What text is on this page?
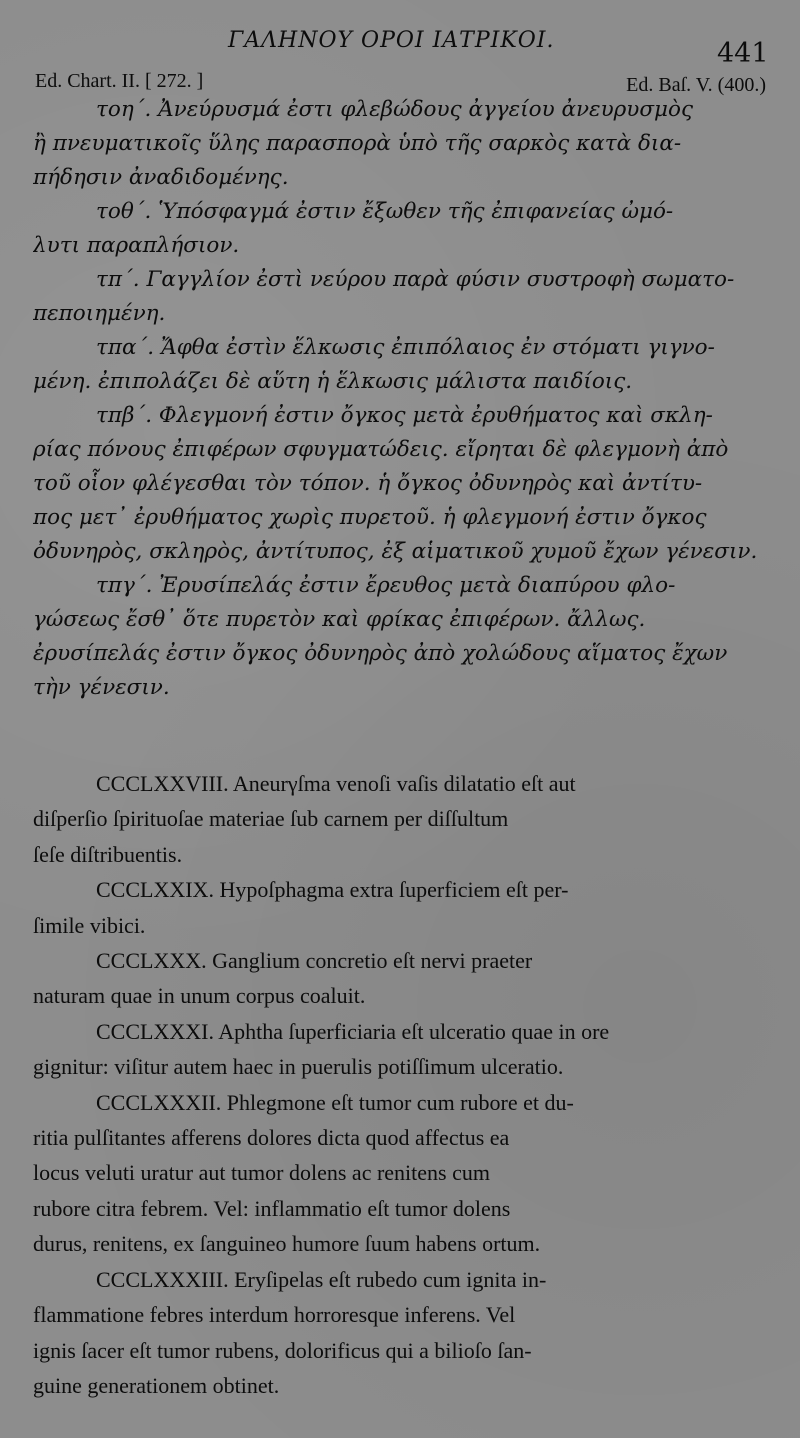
ΓΑΛΗΝΟΥ ΟΡΟΙ ΙΑΤΡΙΚΟΙ.	441
Ed. Chart. II. [ 272. ]	Ed. Baſ. V. (400.)
τοη΄. Ἀνεύρυσμά ἐστι φλεβώδους ἀγγείου ἀνευρυσμὸς
ἢ πνευματικοῖς ὕλης παρασπορὰ ὑπὸ τῆς σαρκὸς κατὰ δια-
πήδησιν ἀναδιδομένης.
τοθ΄. Ὑπόσφαγμά ἐστιν ἔξωθεν τῆς ἐπιφανείας ὠμό-
λυτι παραπλήσιον.
τπ΄. Γαγγλίον ἐστὶ νεύρου παρὰ φύσιν συστροφὴ σωματο-
πεποιημένη.
τπα΄. Ἄφθα ἐστὶν ἕλκωσις ἐπιπόλαιος ἐν στόματι γιγνο-
μένη. ἐπιπολάζει δὲ αὕτη ἡ ἕλκωσις μάλιστα παιδίοις.
τπβ΄. Φλεγμονή ἐστιν ὄγκος μετὰ ἐρυθήματος καὶ σκλη-
ρίας πόνους ἐπιφέρων σφυγματώδεις. εἴρηται δὲ φλεγμονὴ ἀπὸ
τοῦ οἷον φλέγεσθαι τὸν τόπον. ἡ ὄγκος ὀδυνηρὸς καὶ ἀντίτυ-
πος μετ᾽ ἐρυθήματος χωρὶς πυρετοῦ. ἡ φλεγμονή ἐστιν ὄγκος
ὀδυνηρὸς, σκληρὸς, ἀντίτυπος, ἐξ αἱματικοῦ χυμοῦ ἔχων γένεσιν.
τπγ΄. Ἐρυσίπελάς ἐστιν ἔρευθος μετὰ διαπύρου φλο-
γώσεως ἔσθ᾽ ὅτε πυρετὸν καὶ φρίκας ἐπιφέρων. ἄλλως.
ἐρυσίπελάς ἐστιν ὄγκος ὀδυνηρὸς ἀπὸ χολώδους αἵματος ἔχων
τὴν γένεσιν.
CCCLXXVIII. Aneurγſma venoſi vaſis dilatatio eſt aut
diſperſio ſpirituoſae materiae ſub carnem per diſſultum
ſeſe diſtribuentis.
CCCLXXIX. Hypoſphagma extra ſuperficiem eſt per-
ſimile vibici.
CCCLXXX. Ganglium concretio eſt nervi praeter
naturam quae in unum corpus coaluit.
CCCLXXXI. Aphtha ſuperficiaria eſt ulceratio quae in ore
gignitur: viſitur autem haec in puerulis potiſſimum ulceratio.
CCCLXXXII. Phlegmone eſt tumor cum rubore et du-
ritia pulſitantes afferens dolores dicta quod affectus ea
locus veluti uratur aut tumor dolens ac renitens cum
rubore citra febrem. Vel: inflammatio eſt tumor dolens
durus, renitens, ex ſanguineo humore ſuum habens ortum.
CCCLXXXIII. Eryſipelas eſt rubedo cum ignita in-
flammatione febres interdum horroresque inferens. Vel
ignis ſacer eſt tumor rubens, dolorificus qui a bilioſo ſan-
guine generationem obtinet.
